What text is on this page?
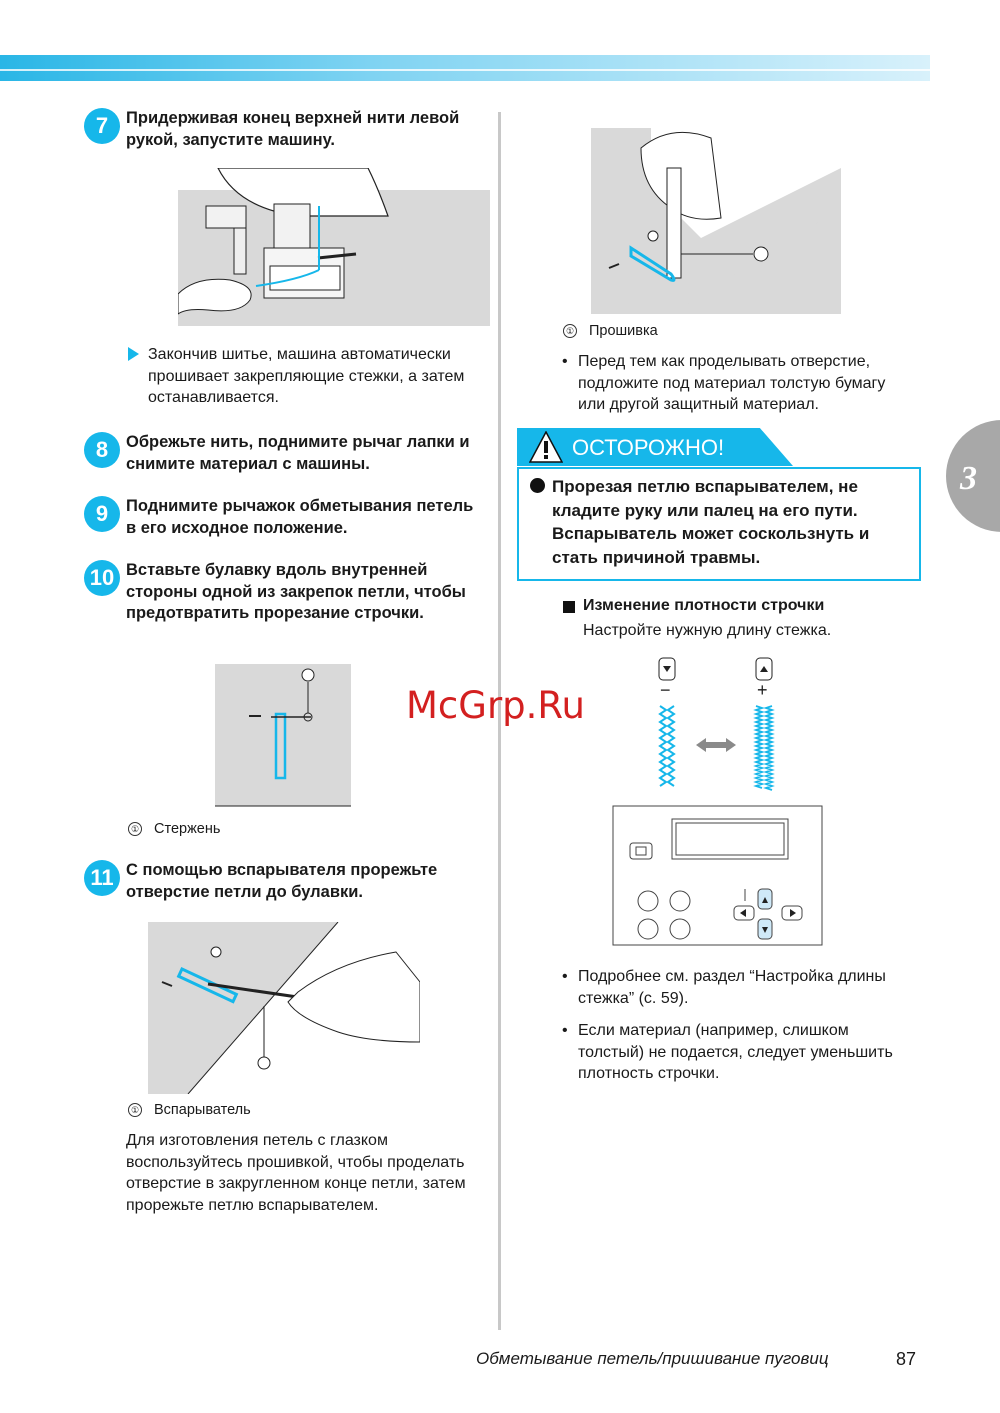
3
7	Придерживая конец верхней нити левой рукой, запустите машину.
Закончив шитье, машина автоматически прошивает закрепляющие стежки, а затем останавливается.
8	Обрежьте нить, поднимите рычаг лапки и снимите материал с машины.
9	Поднимите рычажок обметывания петель в его исходное положение.
10 Вставьте булавку вдоль внутренней стороны одной из закрепок петли, чтобы предотвратить прорезание строчки.
① Стержень
11 С помощью вспарывателя прорежьте отверстие петли до булавки.
① Вспарыватель
Для изготовления петель с глазком воспользуйтесь прошивкой, чтобы проделать отверстие в закругленном конце петли, затем прорежьте петлю вспарывателем.
① Прошивка
• Перед тем как проделывать отверстие, подложите под материал толстую бумагу или другой защитный материал.
ОСТОРОЖНО!
Прорезая петлю вспарывателем, не кладите руку или палец на его пути. Вспарыватель может соскользнуть и стать причиной травмы.
Изменение плотности строчки
Настройте нужную длину стежка.
−	+
• Подробнее см. раздел “Настройка длины стежка” (с. 59).
• Если материал (например, слишком толстый) не подается, следует уменьшить плотность строчки.
McGrp.Ru
Обметывание петель/пришивание пуговиц	87
